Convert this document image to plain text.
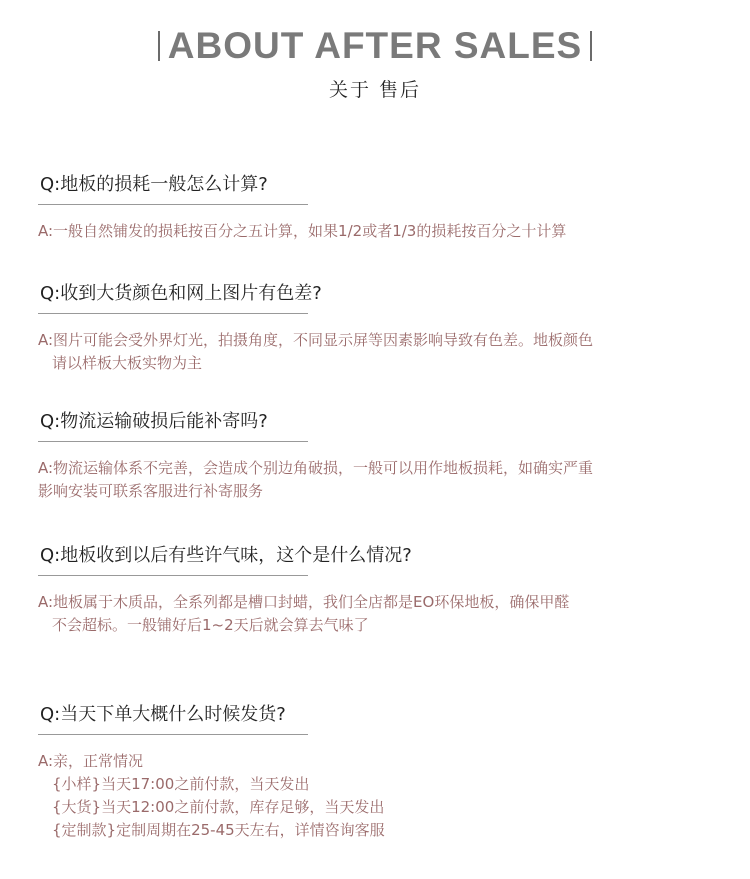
ABOUT AFTER SALES
关于 售后
Q:地板的损耗一般怎么计算?
A:一般自然铺发的损耗按百分之五计算，如果1/2或者1/3的损耗按百分之十计算
Q:收到大货颜色和网上图片有色差?
A:图片可能会受外界灯光，拍摄角度，不同显示屏等因素影响导致有色差。地板颜色
请以样板大板实物为主
Q:物流运输破损后能补寄吗?
A:物流运输体系不完善，会造成个别边角破损，一般可以用作地板损耗，如确实严重
影响安装可联系客服进行补寄服务
Q:地板收到以后有些许气味，这个是什么情况?
A:地板属于木质品，全系列都是槽口封蜡，我们全店都是EO环保地板，确保甲醛
不会超标。一般铺好后1~2天后就会算去气味了
Q:当天下单大概什么时候发货?
A:亲，正常情况
{小样}当天17:00之前付款，当天发出
{大货}当天12:00之前付款，库存足够，当天发出
{定制款}定制周期在25-45天左右，详情咨询客服
